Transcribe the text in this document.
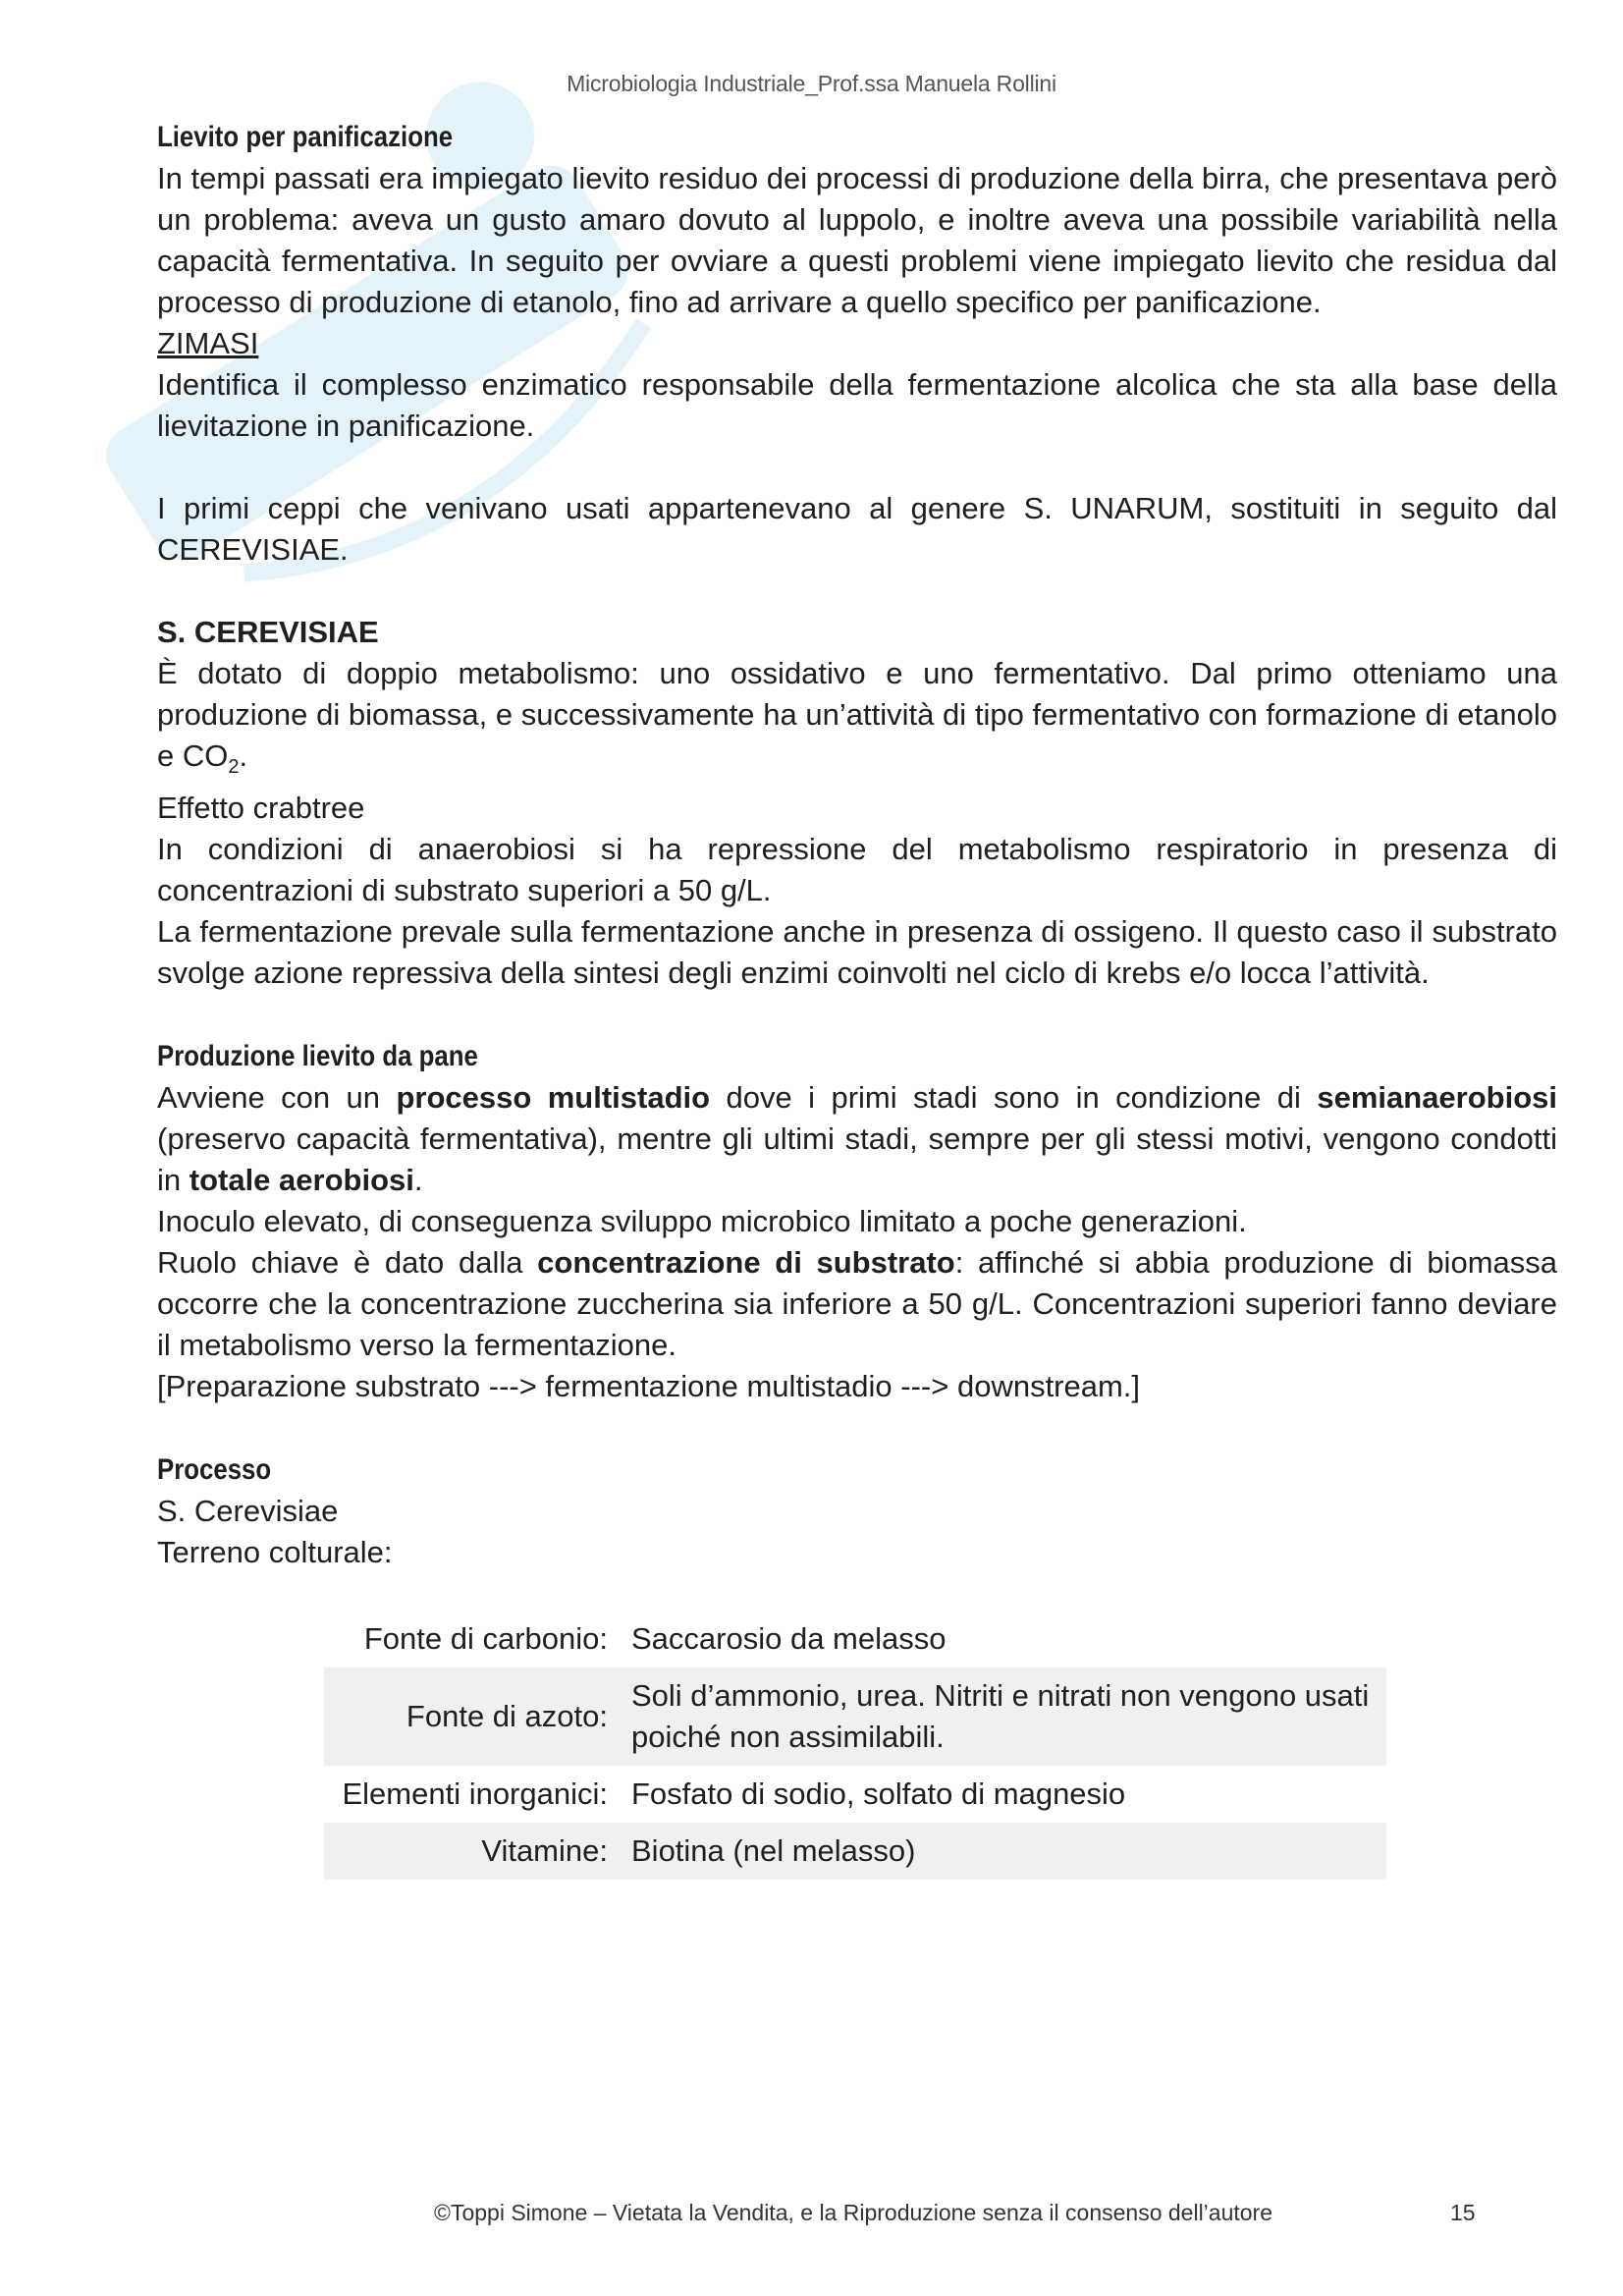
Microbiologia Industriale_Prof.ssa Manuela Rollini

Lievito per panificazione

In tempi passati era impiegato lievito residuo dei processi di produzione della birra, che presentava però un problema: aveva un gusto amaro dovuto al luppolo, e inoltre aveva una possibile variabilità nella capacità fermentativa. In seguito per ovviare a questi problemi viene impiegato lievito che residua dal processo di produzione di etanolo, fino ad arrivare a quello specifico per panificazione.

ZIMASI

Identifica il complesso enzimatico responsabile della fermentazione alcolica che sta alla base della lievitazione in panificazione.

I primi ceppi che venivano usati appartenevano al genere S. UNARUM, sostituiti in seguito dal CEREVISIAE.

S. CEREVISIAE

È dotato di doppio metabolismo: uno ossidativo e uno fermentativo. Dal primo otteniamo una produzione di biomassa, e successivamente ha un’attività di tipo fermentativo con formazione di etanolo e $CO_2$.

Effetto crabtree

In condizioni di anaerobiosi si ha repressione del metabolismo respiratorio in presenza di concentrazioni di substrato superiori a 50 g/L.

La fermentazione prevale sulla fermentazione anche in presenza di ossigeno. Il questo caso il substrato svolge azione repressiva della sintesi degli enzimi coinvolti nel ciclo di krebs e/o locca l’attività.

Produzione lievito da pane

Avviene con un processo multistadio dove i primi stadi sono in condizione di semianaerobiosi (preservo capacità fermentativa), mentre gli ultimi stadi, sempre per gli stessi motivi, vengono condotti in totale aerobiosi.

Inoculo elevato, di conseguenza sviluppo microbico limitato a poche generazioni.

Ruolo chiave è dato dalla concentrazione di substrato: affinché si abbia produzione di biomassa occorre che la concentrazione zuccherina sia inferiore a 50 g/L. Concentrazioni superiori fanno deviare il metabolismo verso la fermentazione.

[Preparazione substrato ---> fermentazione multistadio ---> downstream.]

Processo

S. Cerevisiae

Terreno colturale:

Fonte di carbonio:	Saccarosio da melasso
Fonte di azoto:	Soli d’ammonio, urea. Nitriti e nitrati non vengono usati poiché non assimilabili.
Elementi inorganici:	Fosfato di sodio, solfato di magnesio
Vitamine:	Biotina (nel melasso)
©Toppi Simone – Vietata la Vendita, e la Riproduzione senza il consenso dell’autore	15
